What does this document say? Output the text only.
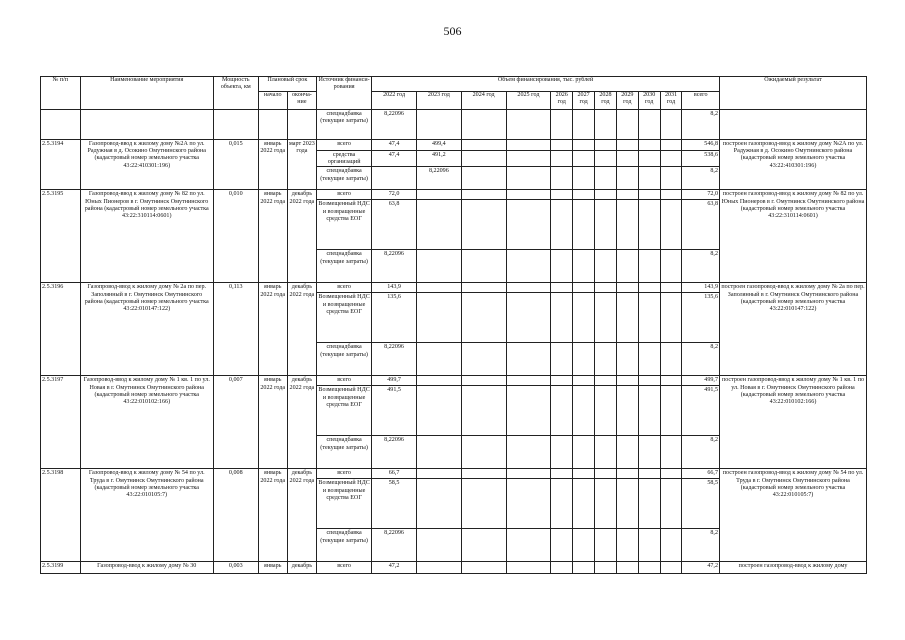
506
№ п/п	Наименование мероприятия	Мощность объекта, км	Плановый срок		Источник финанси-рования	Объем финансирования, тыс. рублей											Ожидаемый результат
			начало	оконча-ние		2022 год	2023 год	2024 год	2025 год	2026 год	2027 год	2028 год	2029 год	2030 год	2031 год	всего	
					спецнадбавка (текущие затраты)	8,22096										8,2	
2.5.3194	Газопровод-ввод к жилому дому №2А по ул. Радужная в д. Осокино Омутнинского района (кадастровый номер земельного участка 43:22:410301:196)	0,015	январь 2022 года	март 2023 года	всего	47,4	499,4									546,8	построен газопровод-ввод к жилому дому №2А по ул. Радужная в д. Осокино Омутнинского района (кадастровый номер земельного участка 43:22:410301:196)
					средства организаций	47,4	491,2									538,6	
					спецнадбавка (текущие затраты)		8,22096									8,2	
2.5.3195	Газопровод-ввод к жилому дому № 82 по ул. Юных Пионеров в г. Омутнинск Омутнинского района (кадастровый номер земельного участка 43:22:310114:0601)	0,010	январь 2022 года	декабрь 2022 года	всего	72,0										72,0	построен газопровод-ввод к жилому дому № 82 по ул. Юных Пионеров в г. Омутнинск Омутнинского района (кадастровый номер земельного участка 43:22:310114:0601)
					Возмещенный НДС и возвращенные средства ЕОГ	63,8										63,8	
					спецнадбавка (текущие затраты)	8,22096										8,2	
2.5.3196	Газопровод-ввод к жилому дому № 2а по пер. Заполянный в г. Омутнинск Омутнинского района (кадастровый номер земельного участка 43:22:010147:122)	0,113	январь 2022 года	декабрь 2022 года	всего	143,9										143,9	построен газопровод-ввод к жилому дому № 2а по пер. Заполянный в г. Омутнинск Омутнинского района (кадастровый номер земельного участка 43:22:010147:122)
					Возмещенный НДС и возвращенные средства ЕОГ	135,6										135,6	
					спецнадбавка (текущие затраты)	8,22096										8,2	
2.5.3197	Газопровод-ввод к жилому дому № 1 кв. 1 по ул. Новая в г. Омутнинск Омутнинского района (кадастровый номер земельного участка 43:22:010102:166)	0,007	январь 2022 года	декабрь 2022 года	всего	499,7										499,7	построен газопровод-ввод к жилому дому № 1 кв. 1 по ул. Новая в г. Омутнинск Омутнинского района (кадастровый номер земельного участка 43:22:010102:166)
					Возмещенный НДС и возвращенные средства ЕОГ	491,5										491,5	
					спецнадбавка (текущие затраты)	8,22096										8,2	
2.5.3198	Газопровод-ввод к жилому дому № 54 по ул. Труда в г. Омутнинск Омутнинского района (кадастровый номер земельного участка 43:22:010105:7)	0,008	январь 2022 года	декабрь 2022 года	всего	66,7										66,7	построен газопровод-ввод к жилому дому № 54 по ул. Труда в г. Омутнинск Омутнинского района (кадастровый номер земельного участка 43:22:010105:7)
					Возмещенный НДС и возвращенные средства ЕОГ	58,5										58,5	
					спецнадбавка (текущие затраты)	8,22096										8,2	
2.5.3199	Газопровод-ввод к жилому дому № 30	0,003	январь	декабрь	всего	47,2										47,2	построен газопровод-ввод к жилому дому
